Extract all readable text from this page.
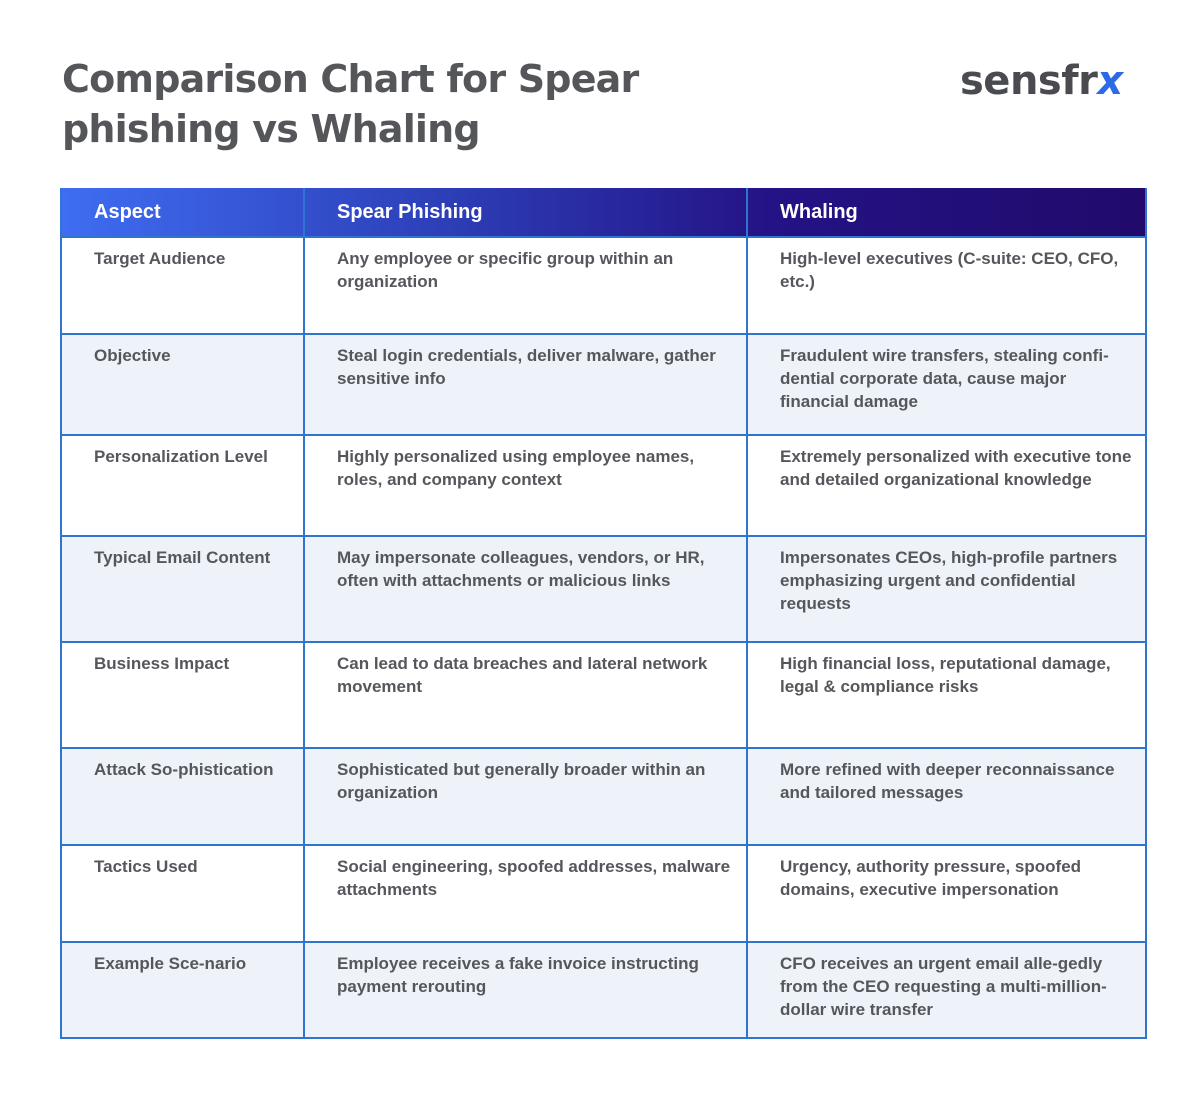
Comparison Chart for Spear phishing vs Whaling
sensfrx
Aspect	Spear Phishing	Whaling
Target Audience	Any employee or specific group within an organization	High-level executives (C-suite: CEO, CFO, etc.)
Objective	Steal login credentials, deliver malware, gather sensitive info	Fraudulent wire transfers, stealing confi-dential corporate data, cause major financial damage
Personalization Level	Highly personalized using employee names, roles, and company context	Extremely personalized with executive tone and detailed organizational knowledge
Typical Email Content	May impersonate colleagues, vendors, or HR, often with attachments or malicious links	Impersonates CEOs, high-profile partners emphasizing urgent and confidential requests
Business Impact	Can lead to data breaches and lateral network movement	High financial loss, reputational damage, legal & compliance risks
Attack So-phistication	Sophisticated but generally broader within an organization	More refined with deeper reconnaissance and tailored messages
Tactics Used	Social engineering, spoofed addresses, malware attachments	Urgency, authority pressure, spoofed domains, executive impersonation
Example Sce-nario	Employee receives a fake invoice instructing payment rerouting	CFO receives an urgent email alle-gedly from the CEO requesting a multi-million-dollar wire transfer
